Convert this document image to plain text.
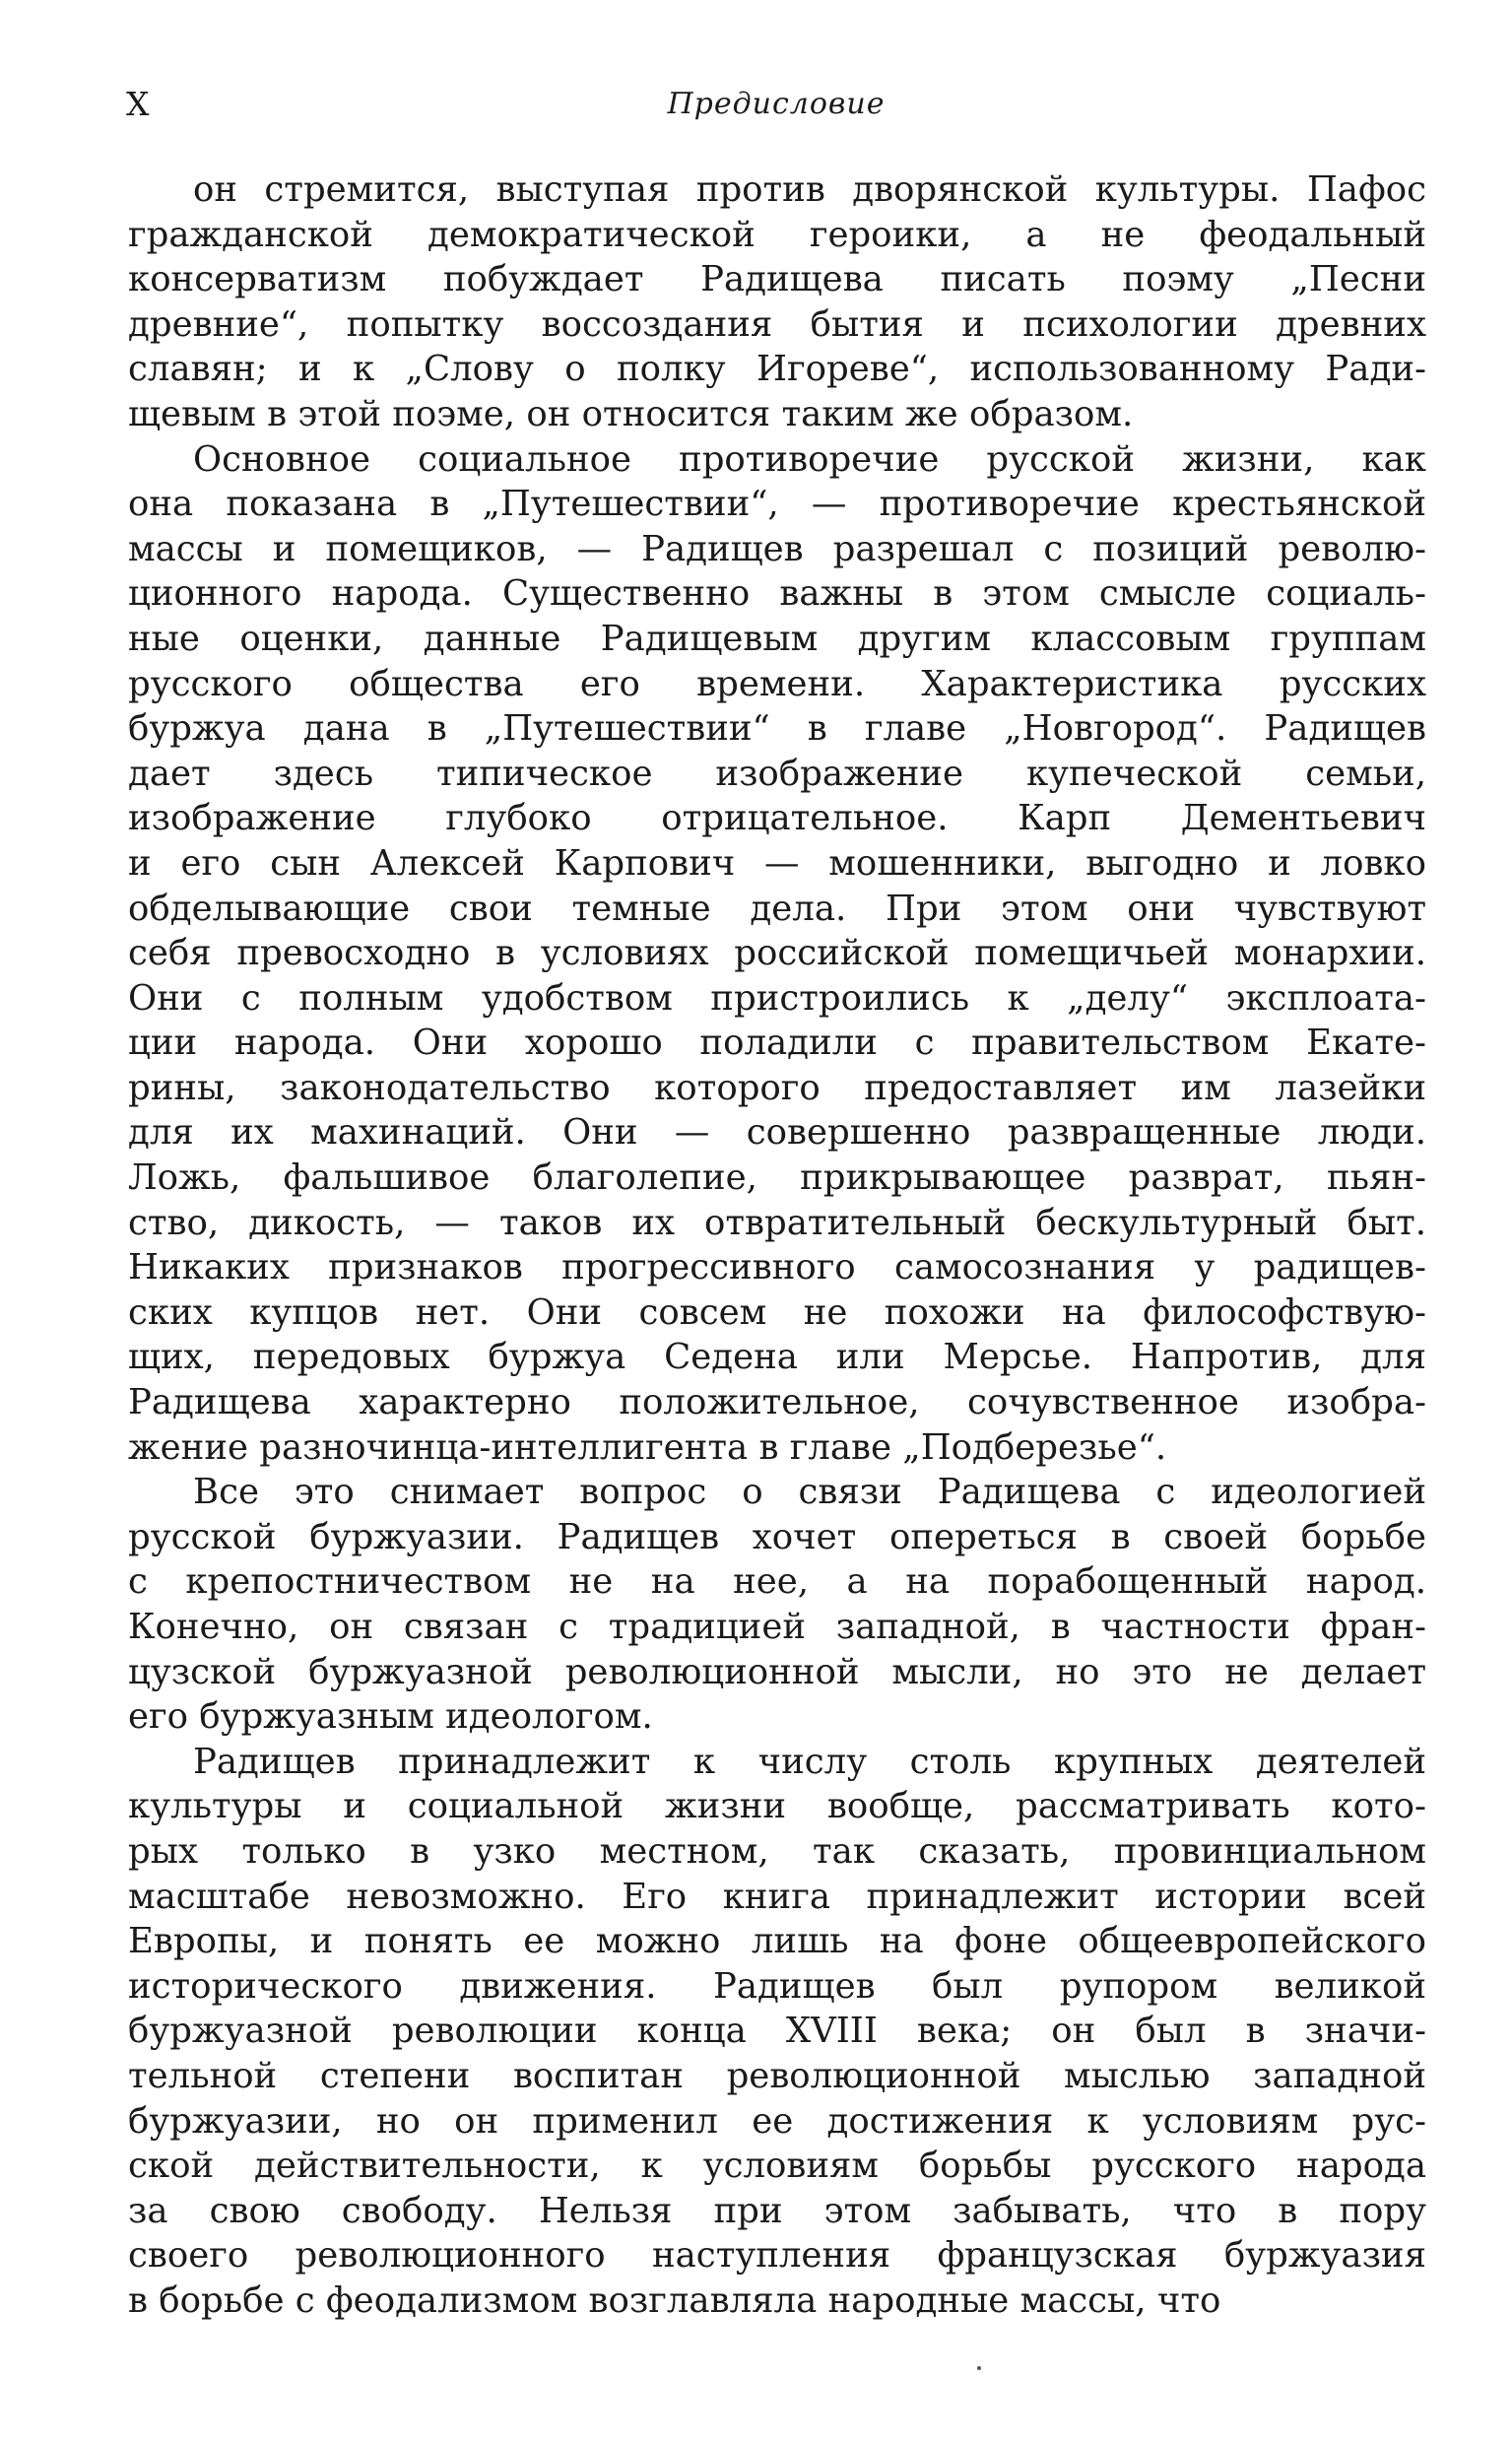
X	Предисловие
он стремится, выступая против дворянской культуры. Пафос
гражданской демократической героики, а не феодальный
консерватизм побуждает Радищева писать поэму „Песни
древние“, попытку воссоздания бытия и психологии древних
славян; и к „Слову о полку Игореве“, использованному Ради-
щевым в этой поэме, он относится таким же образом.
Основное социальное противоречие русской жизни, как
она показана в „Путешествии“, — противоречие крестьянской
массы и помещиков, — Радищев разрешал с позиций револю-
ционного народа. Существенно важны в этом смысле социаль-
ные оценки, данные Радищевым другим классовым группам
русского общества его времени. Характеристика русских
буржуа дана в „Путешествии“ в главе „Новгород“. Радищев
дает здесь типическое изображение купеческой семьи,
изображение глубоко отрицательное. Карп Дементьевич
и его сын Алексей Карпович — мошенники, выгодно и ловко
обделывающие свои темные дела. При этом они чувствуют
себя превосходно в условиях российской помещичьей монархии.
Они с полным удобством пристроились к „делу“ эксплоата-
ции народа. Они хорошо поладили с правительством Екате-
рины, законодательство которого предоставляет им лазейки
для их махинаций. Они — совершенно развращенные люди.
Ложь, фальшивое благолепие, прикрывающее разврат, пьян-
ство, дикость, — таков их отвратительный бескультурный быт.
Никаких признаков прогрессивного самосознания у радищев-
ских купцов нет. Они совсем не похожи на философствую-
щих, передовых буржуа Седена или Мерсье. Напротив, для
Радищева характерно положительное, сочувственное изобра-
жение разночинца-интеллигента в главе „Подберезье“.
Все это снимает вопрос о связи Радищева с идеологией
русской буржуазии. Радищев хочет опереться в своей борьбе
с крепостничеством не на нее, а на порабощенный народ.
Конечно, он связан с традицией западной, в частности фран-
цузской буржуазной революционной мысли, но это не делает
его буржуазным идеологом.
Радищев принадлежит к числу столь крупных деятелей
культуры и социальной жизни вообще, рассматривать кото-
рых только в узко местном, так сказать, провинциальном
масштабе невозможно. Его книга принадлежит истории всей
Европы, и понять ее можно лишь на фоне общеевропейского
исторического движения. Радищев был рупором великой
буржуазной революции конца XVIII века; он был в значи-
тельной степени воспитан революционной мыслью западной
буржуазии, но он применил ее достижения к условиям рус-
ской действительности, к условиям борьбы русского народа
за свою свободу. Нельзя при этом забывать, что в пору
своего революционного наступления французская буржуазия
в борьбе с феодализмом возглавляла народные массы, что
